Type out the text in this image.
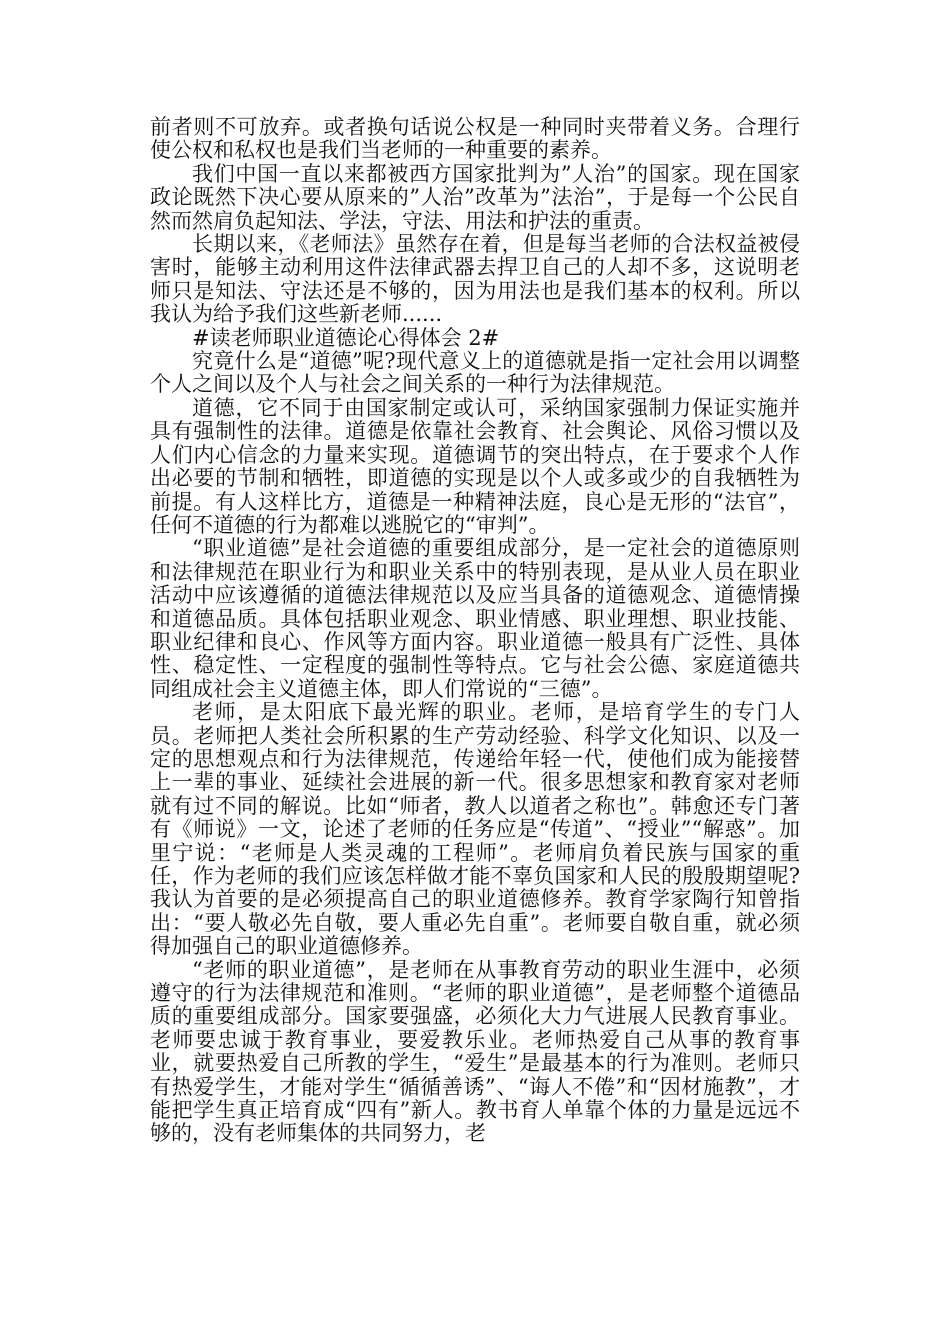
前者则不可放弃。或者换句话说公权是一种同时夹带着义务。合理行使公权和私权也是我们当老师的一种重要的素养。

我们中国一直以来都被西方国家批判为”人治”的国家。现在国家政论既然下决心要从原来的”人治”改革为”法治”，于是每一个公民自然而然肩负起知法、学法，守法、用法和护法的重责。

长期以来，《老师法》虽然存在着，但是每当老师的合法权益被侵害时，能够主动利用这件法律武器去捍卫自己的人却不多，这说明老师只是知法、守法还是不够的，因为用法也是我们基本的权利。所以我认为给予我们这些新老师......

#读老师职业道德论心得体会 2#

究竟什么是“道德”呢?现代意义上的道德就是指一定社会用以调整个人之间以及个人与社会之间关系的一种行为法律规范。

道德，它不同于由国家制定或认可，采纳国家强制力保证实施并具有强制性的法律。道德是依靠社会教育、社会舆论、风俗习惯以及人们内心信念的力量来实现。道德调节的突出特点，在于要求个人作出必要的节制和牺牲，即道德的实现是以个人或多或少的自我牺牲为前提。有人这样比方，道德是一种精神法庭，良心是无形的“法官”，任何不道德的行为都难以逃脱它的“审判”。

“职业道德”是社会道德的重要组成部分，是一定社会的道德原则和法律规范在职业行为和职业关系中的特别表现，是从业人员在职业活动中应该遵循的道德法律规范以及应当具备的道德观念、道德情操和道德品质。具体包括职业观念、职业情感、职业理想、职业技能、职业纪律和良心、作风等方面内容。职业道德一般具有广泛性、具体性、稳定性、一定程度的强制性等特点。它与社会公德、家庭道德共同组成社会主义道德主体，即人们常说的“三德”。

老师，是太阳底下最光辉的职业。老师，是培育学生的专门人员。老师把人类社会所积累的生产劳动经验、科学文化知识、以及一定的思想观点和行为法律规范，传递给年轻一代，使他们成为能接替上一辈的事业、延续社会进展的新一代。很多思想家和教育家对老师就有过不同的解说。比如“师者，教人以道者之称也”。韩愈还专门著有《师说》一文，论述了老师的任务应是“传道”、“授业”“解惑”。加里宁说：“老师是人类灵魂的工程师”。老师肩负着民族与国家的重任，作为老师的我们应该怎样做才能不辜负国家和人民的殷殷期望呢?我认为首要的是必须提高自己的职业道德修养。教育学家陶行知曾指出：“要人敬必先自敬，要人重必先自重”。老师要自敬自重，就必须得加强自己的职业道德修养。

“老师的职业道德”，是老师在从事教育劳动的职业生涯中，必须遵守的行为法律规范和准则。“老师的职业道德”，是老师整个道德品质的重要组成部分。国家要强盛，必须化大力气进展人民教育事业。老师要忠诚于教育事业，要爱教乐业。老师热爱自己从事的教育事业，就要热爱自己所教的学生，“爱生”是最基本的行为准则。老师只有热爱学生，才能对学生“循循善诱”、“诲人不倦”和“因材施教”，才能把学生真正培育成“四有”新人。教书育人单靠个体的力量是远远不够的，没有老师集体的共同努力，老
